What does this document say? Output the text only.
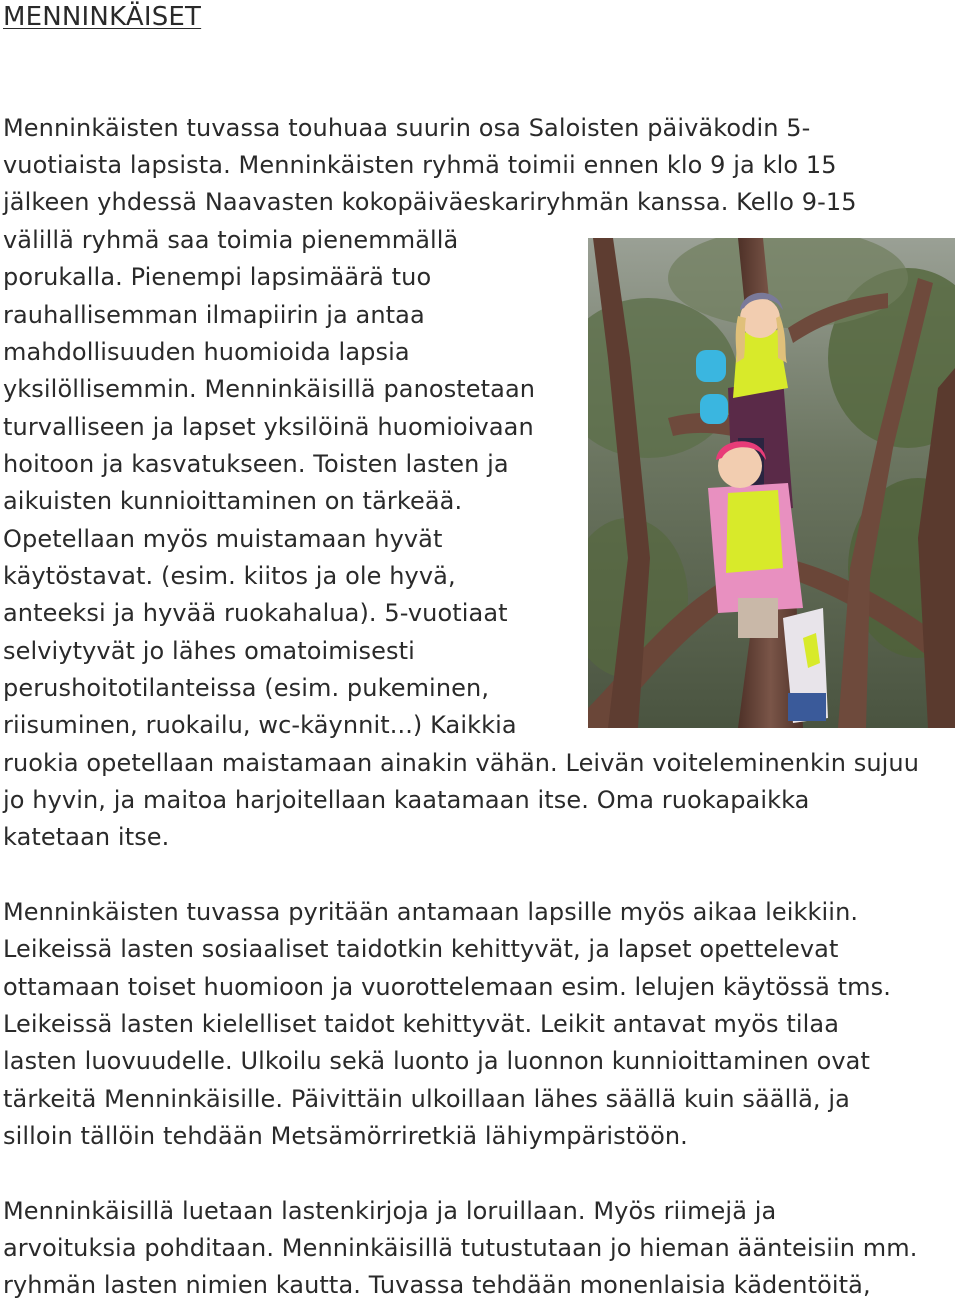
MENNINKÄISET
Menninkäisten tuvassa touhuaa suurin osa Saloisten päiväkodin 5-
vuotiaista lapsista. Menninkäisten ryhmä toimii ennen klo 9 ja klo 15
jälkeen yhdessä Naavasten kokopäiväeskariryhmän kanssa. Kello 9-15
välillä ryhmä saa toimia pienemmällä
porukalla. Pienempi lapsimäärä tuo
rauhallisemman ilmapiirin ja antaa
mahdollisuuden huomioida lapsia
yksilöllisemmin. Menninkäisillä panostetaan
turvalliseen ja lapset yksilöinä huomioivaan
hoitoon ja kasvatukseen. Toisten lasten ja
aikuisten kunnioittaminen on tärkeää.
Opetellaan myös muistamaan hyvät
käytöstavat. (esim. kiitos ja ole hyvä,
anteeksi ja hyvää ruokahalua). 5-vuotiaat
selviytyvät jo lähes omatoimisesti
perushoitotilanteissa (esim. pukeminen,
riisuminen, ruokailu, wc-käynnit...) Kaikkia
ruokia opetellaan maistamaan ainakin vähän. Leivän voiteleminenkin sujuu
jo hyvin, ja maitoa harjoitellaan kaatamaan itse. Oma ruokapaikka
katetaan itse.
Menninkäisten tuvassa pyritään antamaan lapsille myös aikaa leikkiin.
Leikeissä lasten sosiaaliset taidotkin kehittyvät, ja lapset opettelevat
ottamaan toiset huomioon ja vuorottelemaan esim. lelujen käytössä tms.
Leikeissä lasten kielelliset taidot kehittyvät. Leikit antavat myös tilaa
lasten luovuudelle. Ulkoilu sekä luonto ja luonnon kunnioittaminen ovat
tärkeitä Menninkäisille. Päivittäin ulkoillaan lähes säällä kuin säällä, ja
silloin tällöin tehdään Metsämörriretkiä lähiympäristöön.
Menninkäisillä luetaan lastenkirjoja ja loruillaan. Myös riimejä ja
arvoituksia pohditaan. Menninkäisillä tutustutaan jo hieman äänteisiin mm.
ryhmän lasten nimien kautta. Tuvassa tehdään monenlaisia kädentöitä,
